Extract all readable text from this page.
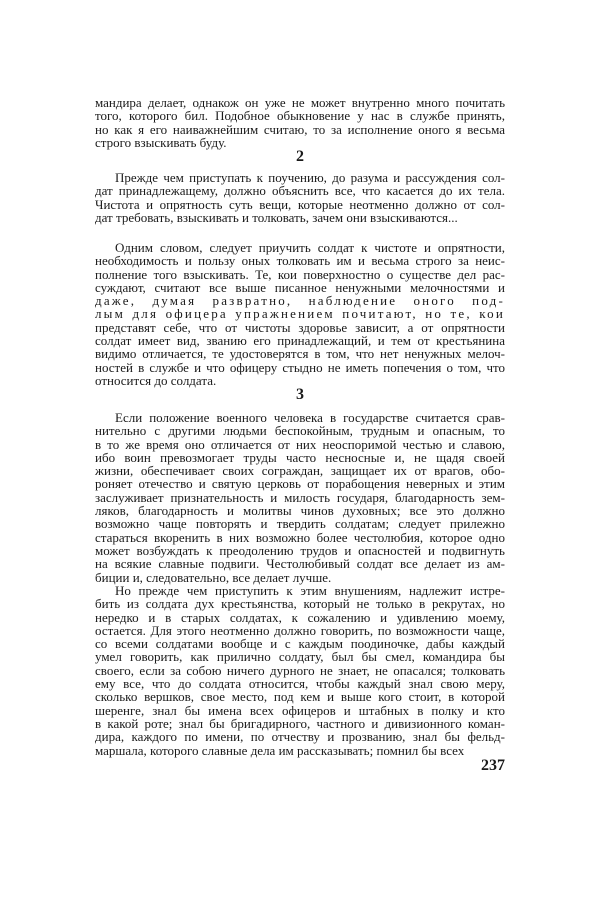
мандира делает, однакож он уже не может внутренно много почитать
того, которого бил. Подобное обыкновение у нас в службе принять,
но как я его наиважнейшим считаю, то за исполнение оного я весьма
строго взыскивать буду.
2
Прежде чем приступать к поучению, до разума и рассуждения сол-
дат принадлежащему, должно объяснить все, что касается до их тела.
Чистота и опрятность суть вещи, которые неотменно должно от сол-
дат требовать, взыскивать и толковать, зачем они взыскиваются...
Одним словом, следует приучить солдат к чистоте и опрятности,
необходимость и пользу оных толковать им и весьма строго за неис-
полнение того взыскивать. Те, кои поверхностно о существе дел рас-
суждают, считают все выше писанное ненужными мелочностями и
даже, думая развратно, наблюдение оного под-
лым для офицера упражнением почитают, но те, кои
представят себе, что от чистоты здоровье зависит, а от опрятности
солдат имеет вид, званию его принадлежащий, и тем от крестьянина
видимо отличается, те удостоверятся в том, что нет ненужных мелоч-
ностей в службе и что офицеру стыдно не иметь попечения о том, что
относится до солдата.
3
Если положение военного человека в государстве считается срав-
нительно с другими людьми беспокойным, трудным и опасным, то
в то же время оно отличается от них неоспоримой честью и славою,
ибо воин превозмогает труды часто несносные и, не щадя своей
жизни, обеспечивает своих сограждан, защищает их от врагов, обо-
роняет отечество и святую церковь от порабощения неверных и этим
заслуживает признательность и милость государя, благодарность зем-
ляков, благодарность и молитвы чинов духовных; все это должно
возможно чаще повторять и твердить солдатам; следует прилежно
стараться вкоренить в них возможно более честолюбия, которое одно
может возбуждать к преодолению трудов и опасностей и подвигнуть
на всякие славные подвиги. Честолюбивый солдат все делает из ам-
биции и, следовательно, все делает лучше.
Но прежде чем приступить к этим внушениям, надлежит истре-
бить из солдата дух крестьянства, который не только в рекрутах, но
нередко и в старых солдатах, к сожалению и удивлению моему,
остается. Для этого неотменно должно говорить, по возможности чаще,
со всеми солдатами вообще и с каждым поодиночке, дабы каждый
умел говорить, как прилично солдату, был бы смел, командира бы
своего, если за собою ничего дурного не знает, не опасался; толковать
ему все, что до солдата относится, чтобы каждый знал свою меру,
сколько вершков, свое место, под кем и выше кого стоит, в которой
шеренге, знал бы имена всех офицеров и штабных в полку и кто
в какой роте; знал бы бригадирного, частного и дивизионного коман-
дира, каждого по имени, по отчеству и прозванию, знал бы фельд-
маршала, которого славные дела им рассказывать; помнил бы всех
237
